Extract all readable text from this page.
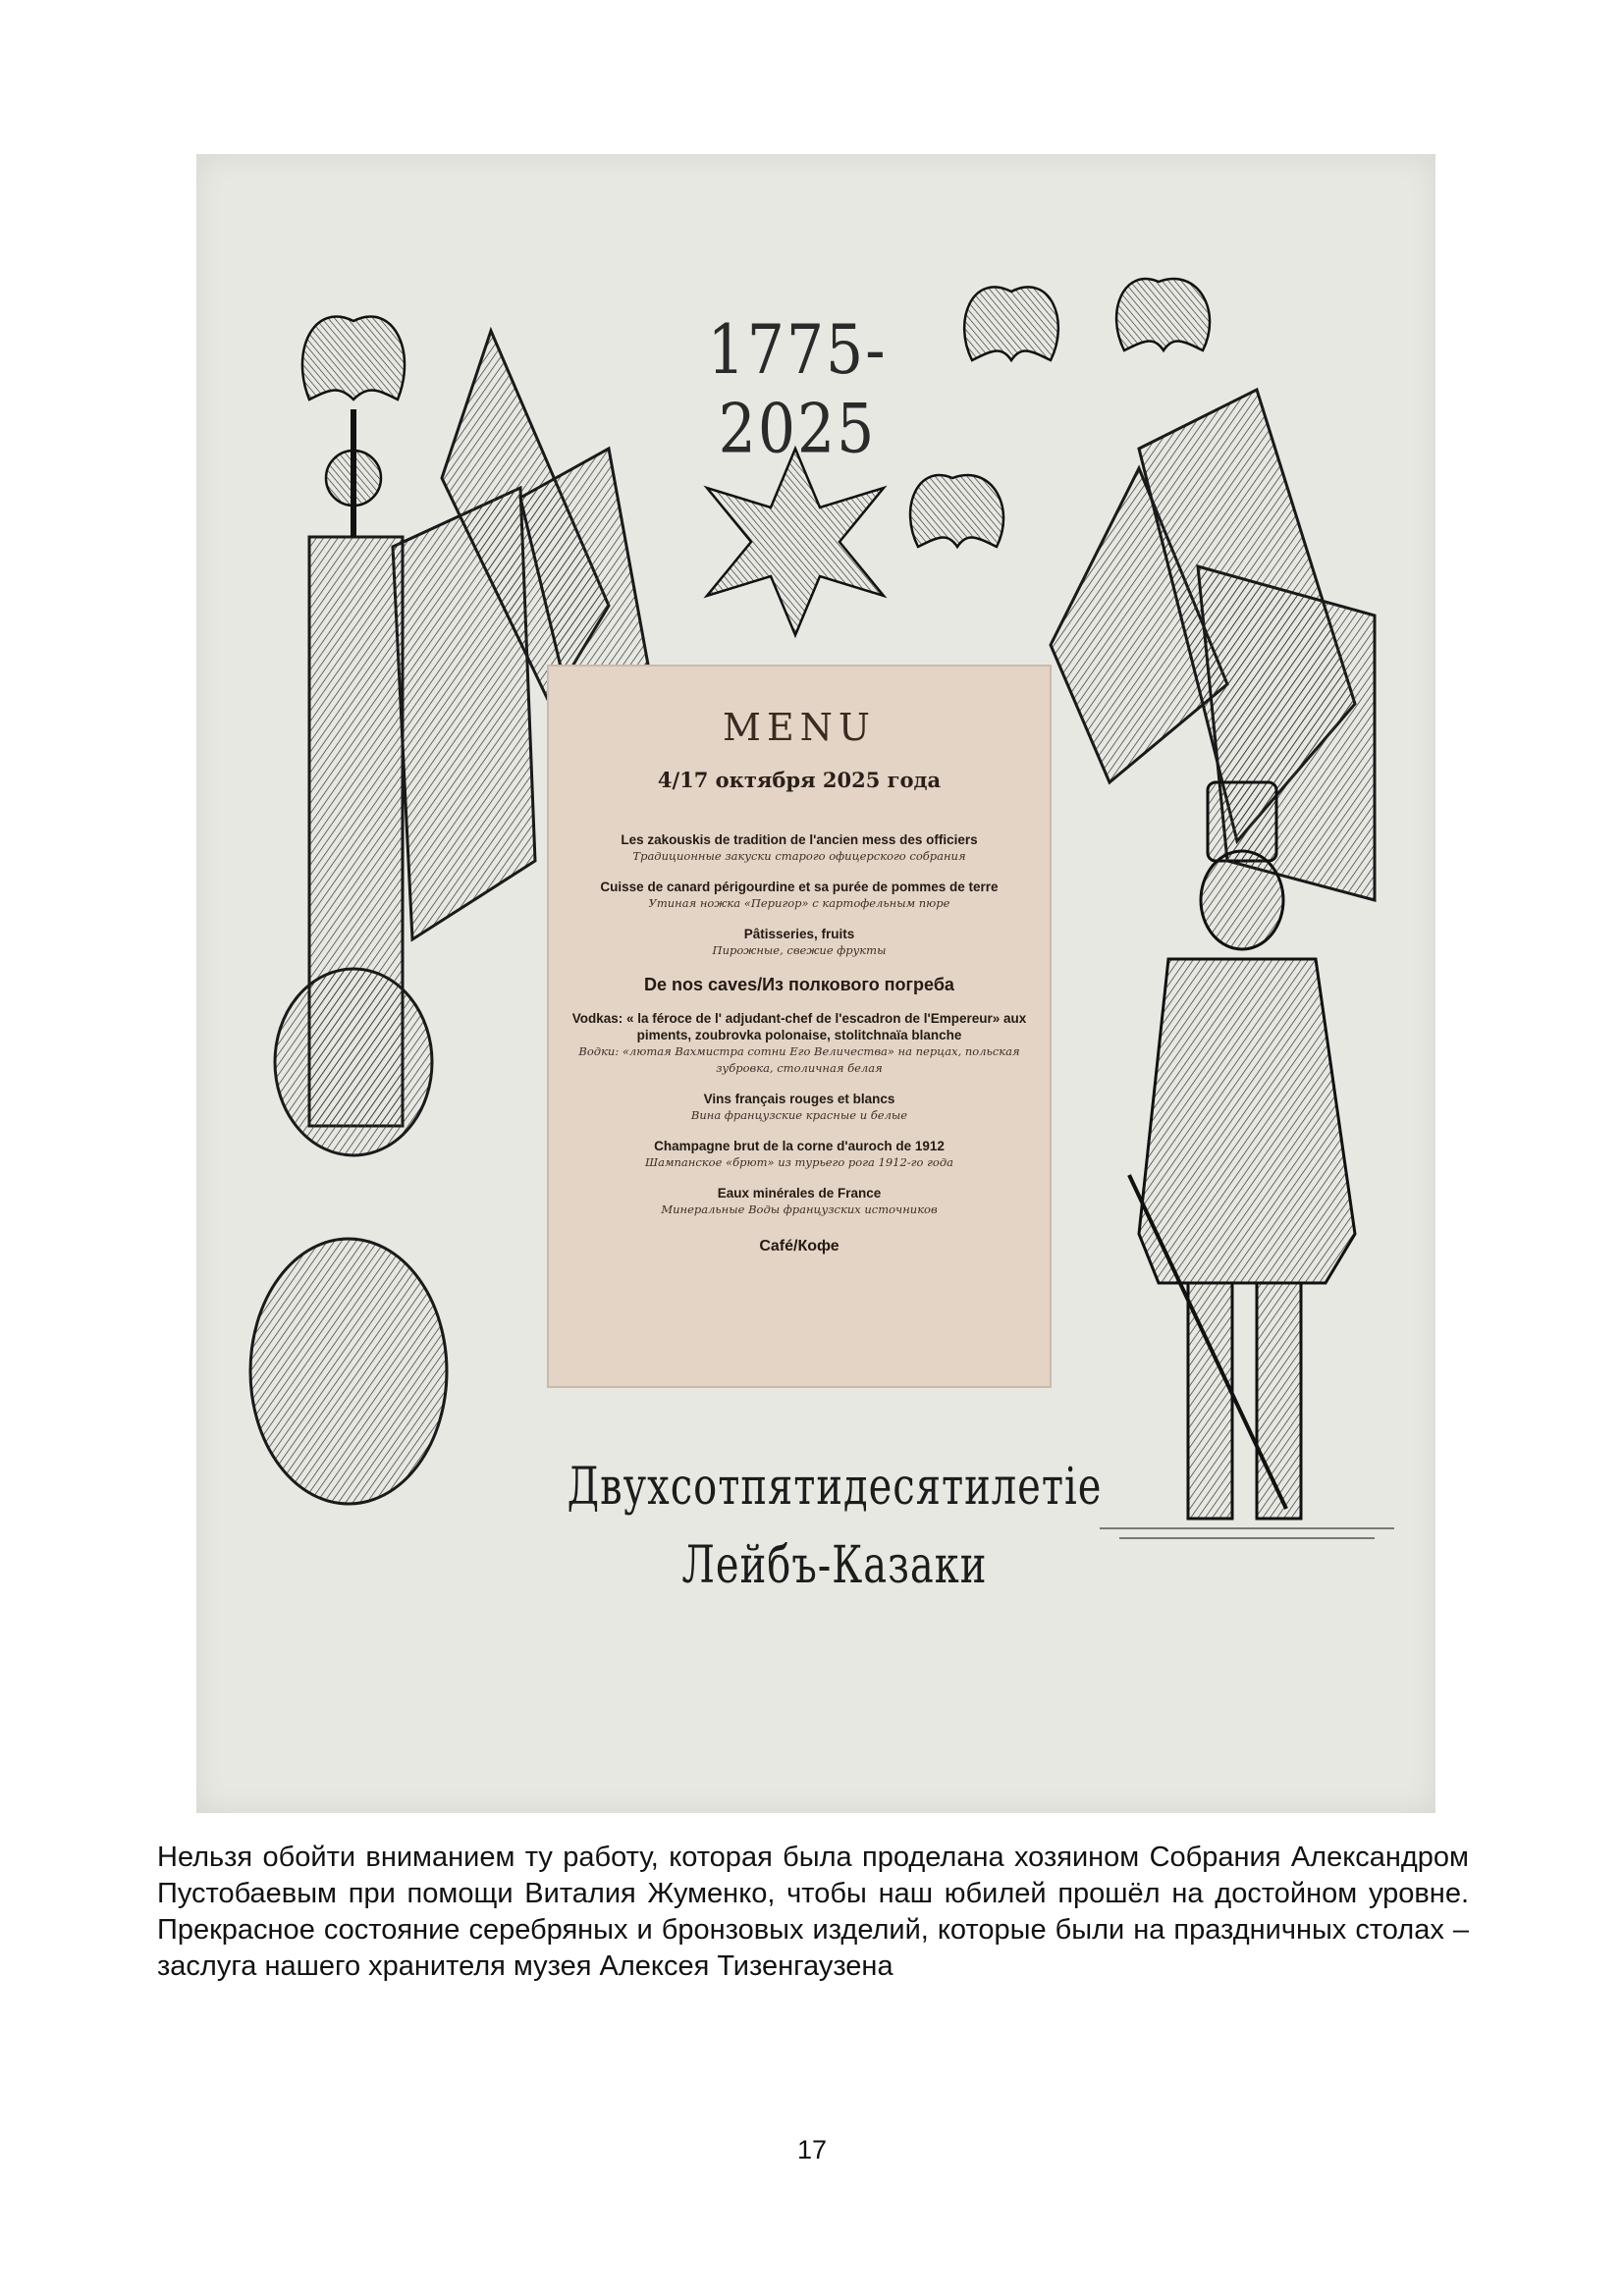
1775-2025
MENU
4/17 октября 2025 года
Les zakouskis de tradition de l'ancien mess des officiers
Традиционные закуски старого офицерского собрания
Cuisse de canard périgourdine et sa purée de pommes de terre
Утиная ножка «Перигор» с картофельным пюре
Pâtisseries, fruits
Пирожные, свежие фрукты
De nos caves/Из полкового погреба
Vodkas: « la féroce de l' adjudant-chef de l'escadron de l'Empereur» aux piments, zoubrovka polonaise, stolitchnaïa blanche
Водки: «лютая Вахмистра сотни Его Величества» на перцах, польская зубровка, столичная белая
Vins français rouges et blancs
Вина французские красные и белые
Champagne brut de la corne d'auroch de 1912
Шампанское «брют» из турьего рога 1912-го года
Eaux minérales de France
Минеральные Воды французских источников
Café/Кофе
Двухсотпятидесятилетie
Лейбъ-Казаки
Нельзя обойти вниманием ту работу, которая была проделана хозяином Собрания Александром Пустобаевым при помощи Виталия Жуменко, чтобы наш юбилей прошёл на достойном уровне. Прекрасное состояние серебряных и бронзовых изделий, которые были на праздничных столах – заслуга нашего хранителя музея Алексея Тизенгаузена
17
